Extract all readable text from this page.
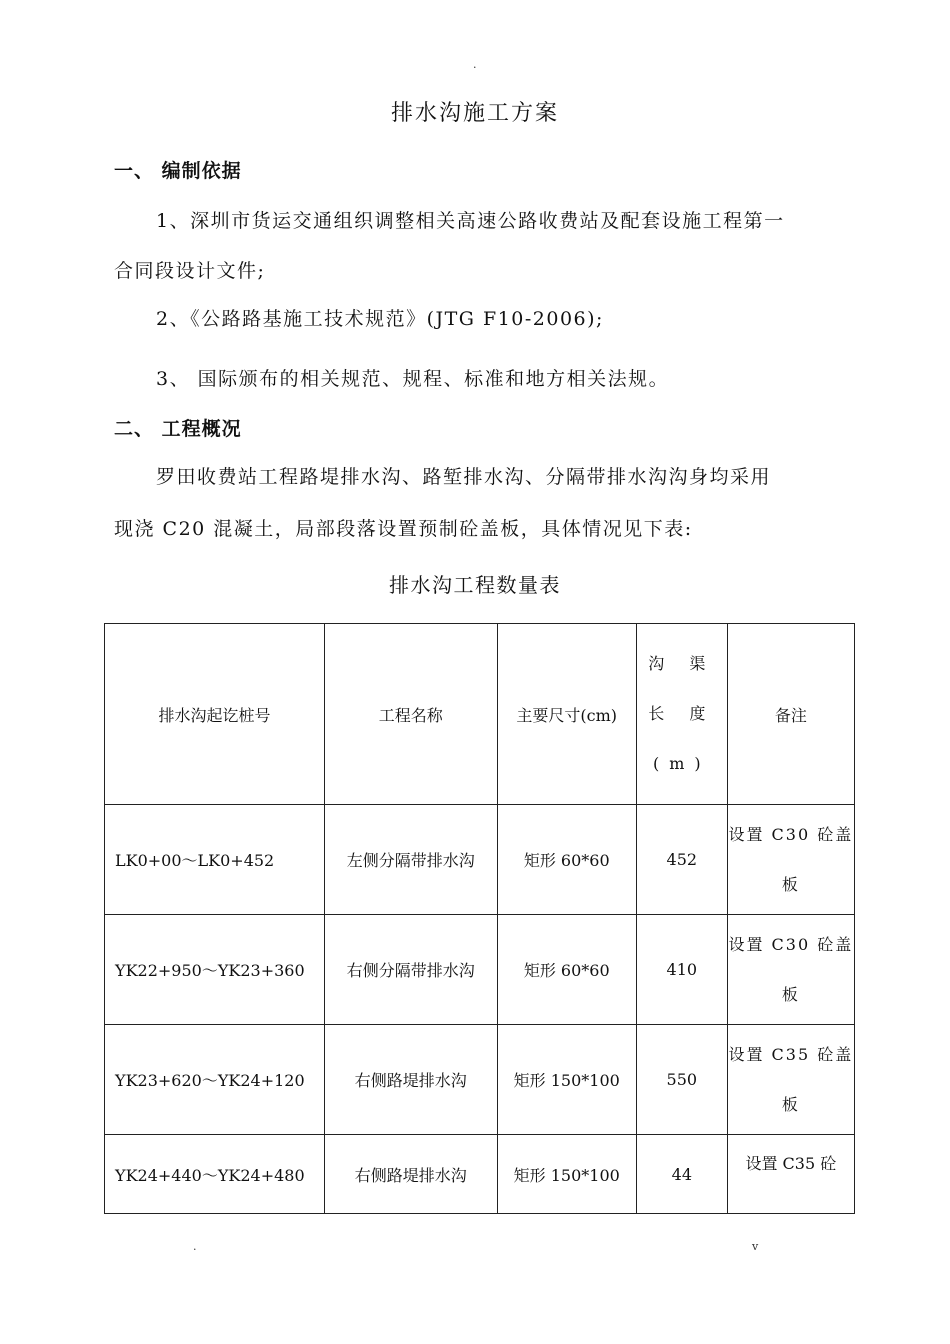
.
排水沟施工方案
一、 编制依据
1、深圳市货运交通组织调整相关高速公路收费站及配套设施工程第一
合同段设计文件;
2、《公路路基施工技术规范》(JTG F10-2006);
3、 国际颁布的相关规范、规程、标准和地方相关法规。
二、 工程概况
罗田收费站工程路堤排水沟、路堑排水沟、分隔带排水沟沟身均采用
现浇 C20 混凝土，局部段落设置预制砼盖板，具体情况见下表:
排水沟工程数量表
排水沟起讫桩号	工程名称	主要尺寸(cm)	沟 渠 长 度 (m)	备注
LK0+00～LK0+452	左侧分隔带排水沟	矩形 60*60	452	设置 C30 砼盖板

YK22+950～YK23+360	右侧分隔带排水沟	矩形 60*60	410	设置 C30 砼盖板

YK23+620～YK24+120	右侧路堤排水沟	矩形 150*100	550	设置 C35 砼盖板

YK24+440～YK24+480	右侧路堤排水沟	矩形 150*100	44	设置 C35 砼
.	v
